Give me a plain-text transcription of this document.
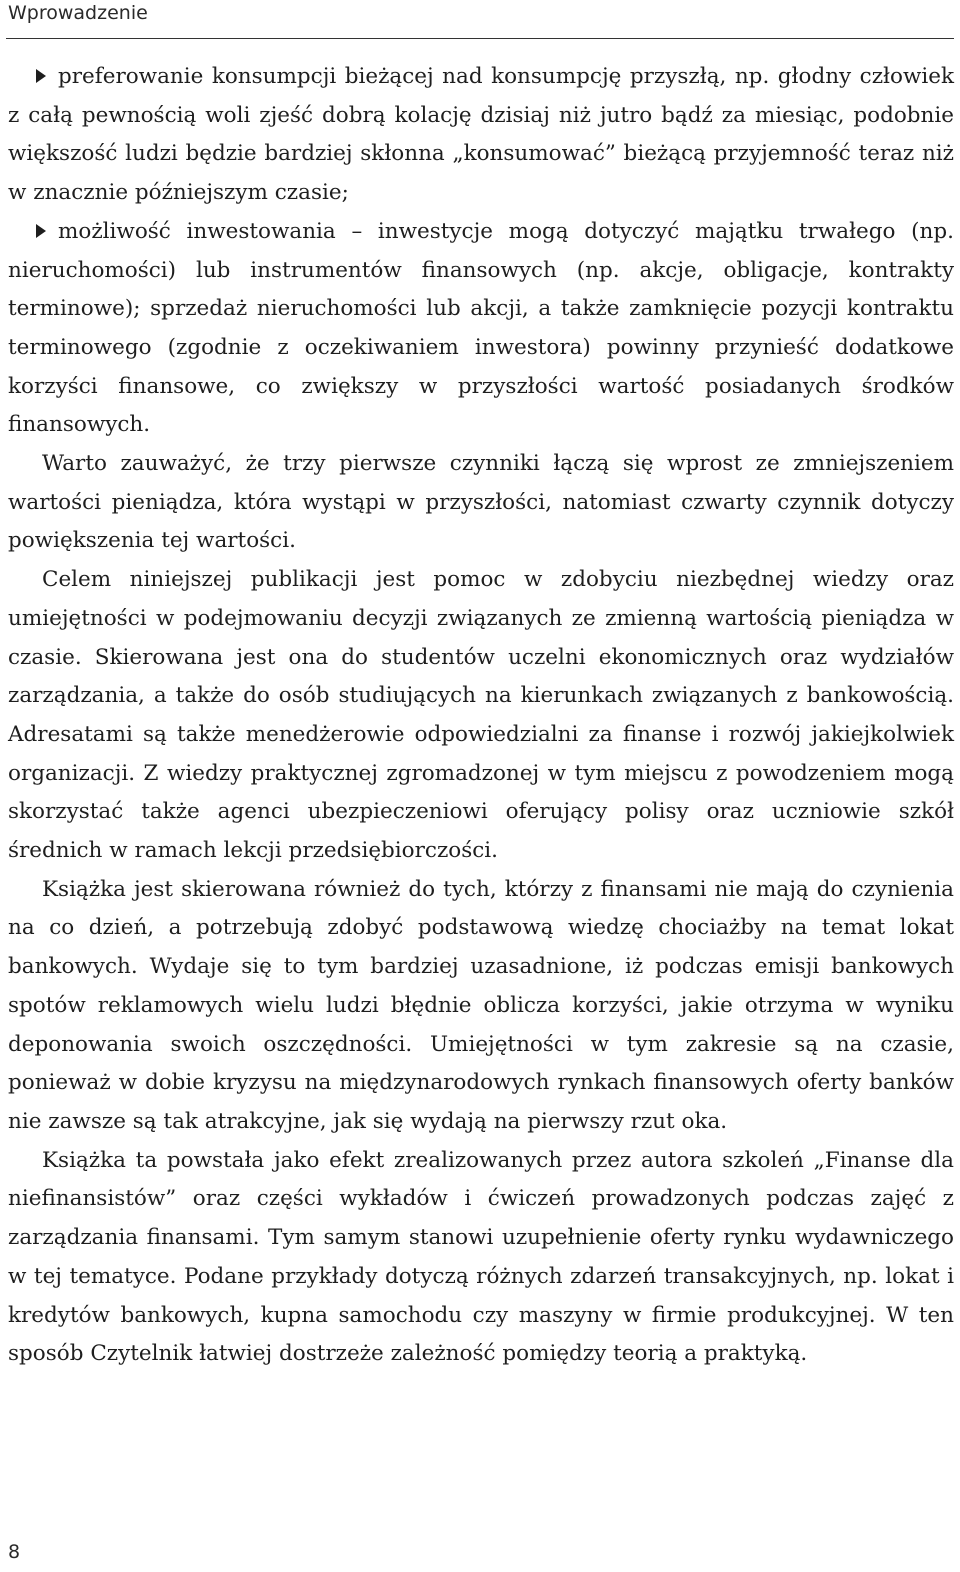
Wprowadzenie

preferowanie konsumpcji bieżącej nad konsumpcję przyszłą, np. głodny człowiek z całą pewnością woli zjeść dobrą kolację dzisiaj niż jutro bądź za miesiąc, podobnie większość ludzi będzie bardziej skłonna „konsumować” bieżącą przyjemność teraz niż w znacznie późniejszym czasie;

możliwość inwestowania – inwestycje mogą dotyczyć majątku trwałego (np. nieruchomości) lub instrumentów finansowych (np. akcje, obligacje, kontrakty terminowe); sprzedaż nieruchomości lub akcji, a także zamknięcie pozycji kontraktu terminowego (zgodnie z oczekiwaniem inwestora) powinny przynieść dodatkowe korzyści finansowe, co zwiększy w przyszłości wartość posiadanych środków finansowych.

Warto zauważyć, że trzy pierwsze czynniki łączą się wprost ze zmniejszeniem wartości pieniądza, która wystąpi w przyszłości, natomiast czwarty czynnik dotyczy powiększenia tej wartości.

Celem niniejszej publikacji jest pomoc w zdobyciu niezbędnej wiedzy oraz umiejętności w podejmowaniu decyzji związanych ze zmienną wartością pieniądza w czasie. Skierowana jest ona do studentów uczelni ekonomicznych oraz wydziałów zarządzania, a także do osób studiujących na kierunkach związanych z bankowością. Adresatami są także menedżerowie odpowiedzialni za finanse i rozwój jakiejkolwiek organizacji. Z wiedzy praktycznej zgromadzonej w tym miejscu z powodzeniem mogą skorzystać także agenci ubezpieczeniowi oferujący polisy oraz uczniowie szkół średnich w ramach lekcji przedsiębiorczości.

Książka jest skierowana również do tych, którzy z finansami nie mają do czynienia na co dzień, a potrzebują zdobyć podstawową wiedzę chociażby na temat lokat bankowych. Wydaje się to tym bardziej uzasadnione, iż podczas emisji bankowych spotów reklamowych wielu ludzi błędnie oblicza korzyści, jakie otrzyma w wyniku deponowania swoich oszczędności. Umiejętności w tym zakresie są na czasie, ponieważ w dobie kryzysu na międzynarodowych rynkach finansowych oferty banków nie zawsze są tak atrakcyjne, jak się wydają na pierwszy rzut oka.

Książka ta powstała jako efekt zrealizowanych przez autora szkoleń „Finanse dla niefinansistów” oraz części wykładów i ćwiczeń prowadzonych podczas zajęć z zarządzania finansami. Tym samym stanowi uzupełnienie oferty rynku wydawniczego w tej tematyce. Podane przykłady dotyczą różnych zdarzeń transakcyjnych, np. lokat i kredytów bankowych, kupna samochodu czy maszyny w firmie produkcyjnej. W ten sposób Czytelnik łatwiej dostrzeże zależność pomiędzy teorią a praktyką.

8
